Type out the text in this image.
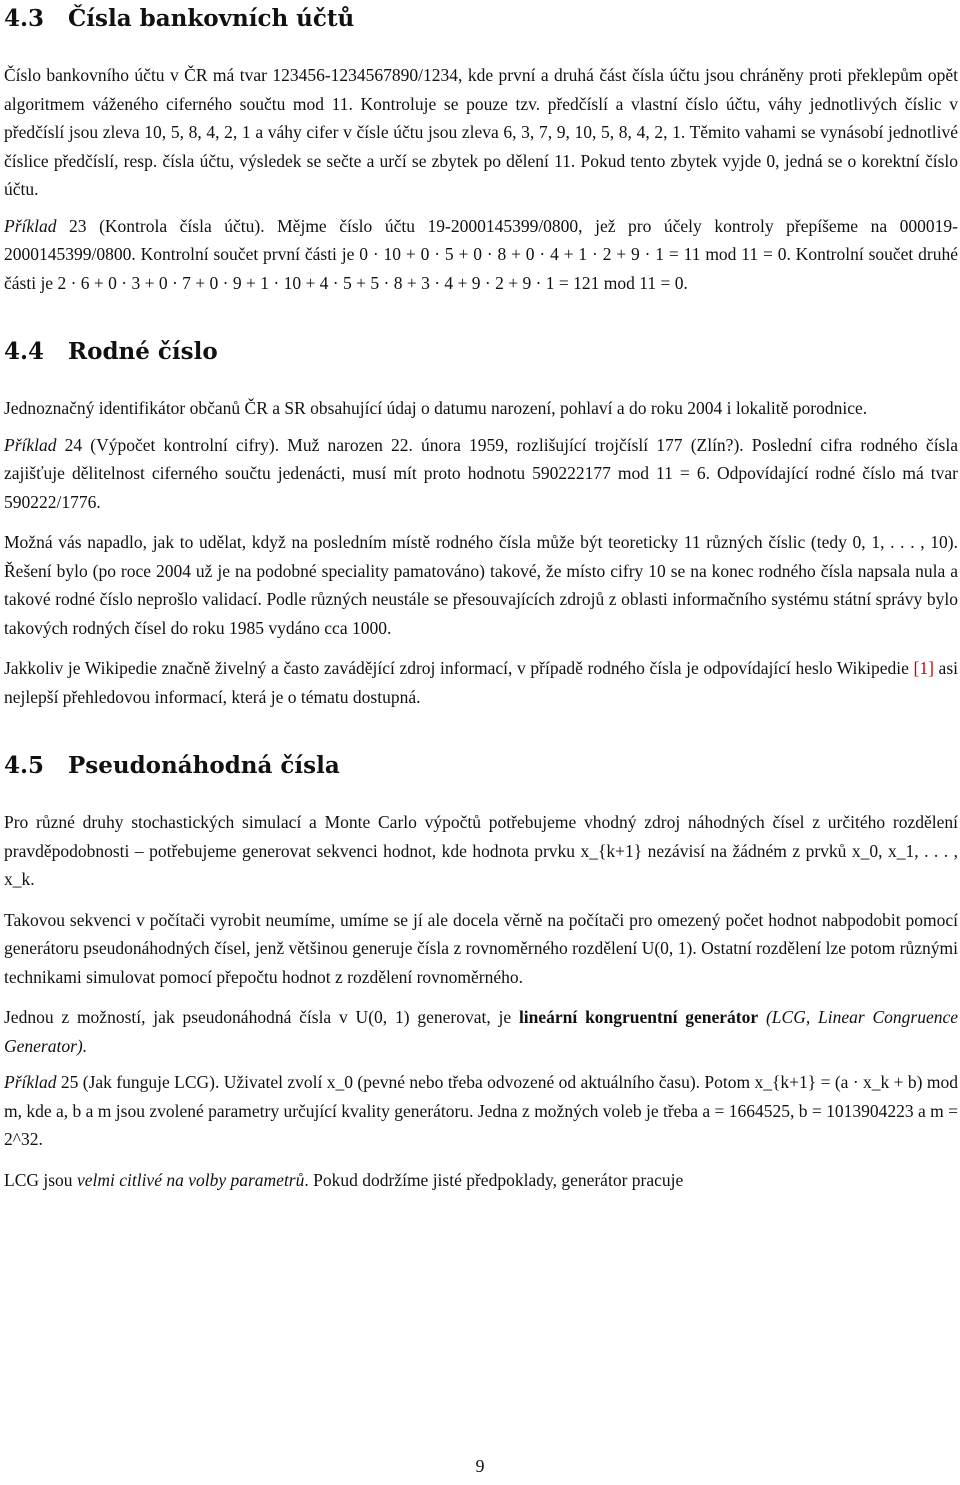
4.3	Čísla bankovních účtů

Číslo bankovního účtu v ČR má tvar 123456-1234567890/1234, kde první a druhá část čísla účtu jsou chráněny proti překlepům opět algoritmem váženého ciferného součtu mod 11. Kontroluje se pouze tzv. předčíslí a vlastní číslo účtu, váhy jednotlivých číslic v předčíslí jsou zleva 10, 5, 8, 4, 2, 1 a váhy cifer v čísle účtu jsou zleva 6, 3, 7, 9, 10, 5, 8, 4, 2, 1. Těmito vahami se vynásobí jednotlivé číslice předčíslí, resp. čísla účtu, výsledek se sečte a určí se zbytek po dělení 11. Pokud tento zbytek vyjde 0, jedná se o korektní číslo účtu.

Příklad 23 (Kontrola čísla účtu). Mějme číslo účtu 19-2000145399/0800, jež pro účely kontroly přepíšeme na 000019-2000145399/0800. Kontrolní součet první části je 0 · 10 + 0 · 5 + 0 · 8 + 0 · 4 + 1 · 2 + 9 · 1 = 11 mod 11 = 0. Kontrolní součet druhé části je 2 · 6 + 0 · 3 + 0 · 7 + 0 · 9 + 1 · 10 + 4 · 5 + 5 · 8 + 3 · 4 + 9 · 2 + 9 · 1 = 121 mod 11 = 0.

4.4	Rodné číslo

Jednoznačný identifikátor občanů ČR a SR obsahující údaj o datumu narození, pohlaví a do roku 2004 i lokalitě porodnice.

Příklad 24 (Výpočet kontrolní cifry). Muž narozen 22. února 1959, rozlišující trojčíslí 177 (Zlín?). Poslední cifra rodného čísla zajišťuje dělitelnost ciferného součtu jedenácti, musí mít proto hodnotu 590222177 mod 11 = 6. Odpovídající rodné číslo má tvar 590222/1776.

Možná vás napadlo, jak to udělat, když na posledním místě rodného čísla může být teoreticky 11 různých číslic (tedy 0, 1, . . . , 10). Řešení bylo (po roce 2004 už je na podobné speciality pamatováno) takové, že místo cifry 10 se na konec rodného čísla napsala nula a takové rodné číslo neprošlo validací. Podle různých neustále se přesouvajících zdrojů z oblasti informačního systému státní správy bylo takových rodných čísel do roku 1985 vydáno cca 1000.

Jakkoliv je Wikipedie značně živelný a často zavádějící zdroj informací, v případě rodného čísla je odpovídající heslo Wikipedie [1] asi nejlepší přehledovou informací, která je o tématu dostupná.

4.5	Pseudonáhodná čísla

Pro různé druhy stochastických simulací a Monte Carlo výpočtů potřebujeme vhodný zdroj náhodných čísel z určitého rozdělení pravděpodobnosti – potřebujeme generovat sekvenci hodnot, kde hodnota prvku x_{k+1} nezávisí na žádném z prvků x_0, x_1, . . . , x_k.

Takovou sekvenci v počítači vyrobit neumíme, umíme se jí ale docela věrně na počítači pro omezený počet hodnot nabpodobit pomocí generátoru pseudonáhodných čísel, jenž většinou generuje čísla z rovnoměrného rozdělení U(0, 1). Ostatní rozdělení lze potom různými technikami simulovat pomocí přepočtu hodnot z rozdělení rovnoměrného.

Jednou z možností, jak pseudonáhodná čísla v U(0, 1) generovat, je lineární kongruentní generátor (LCG, Linear Congruence Generator).

Příklad 25 (Jak funguje LCG). Uživatel zvolí x_0 (pevné nebo třeba odvozené od aktuálního času). Potom x_{k+1} = (a · x_k + b) mod m, kde a, b a m jsou zvolené parametry určující kvality generátoru. Jedna z možných voleb je třeba a = 1664525, b = 1013904223 a m = 2^32.

LCG jsou velmi citlivé na volby parametrů. Pokud dodržíme jisté předpoklady, generátor pracuje

9
